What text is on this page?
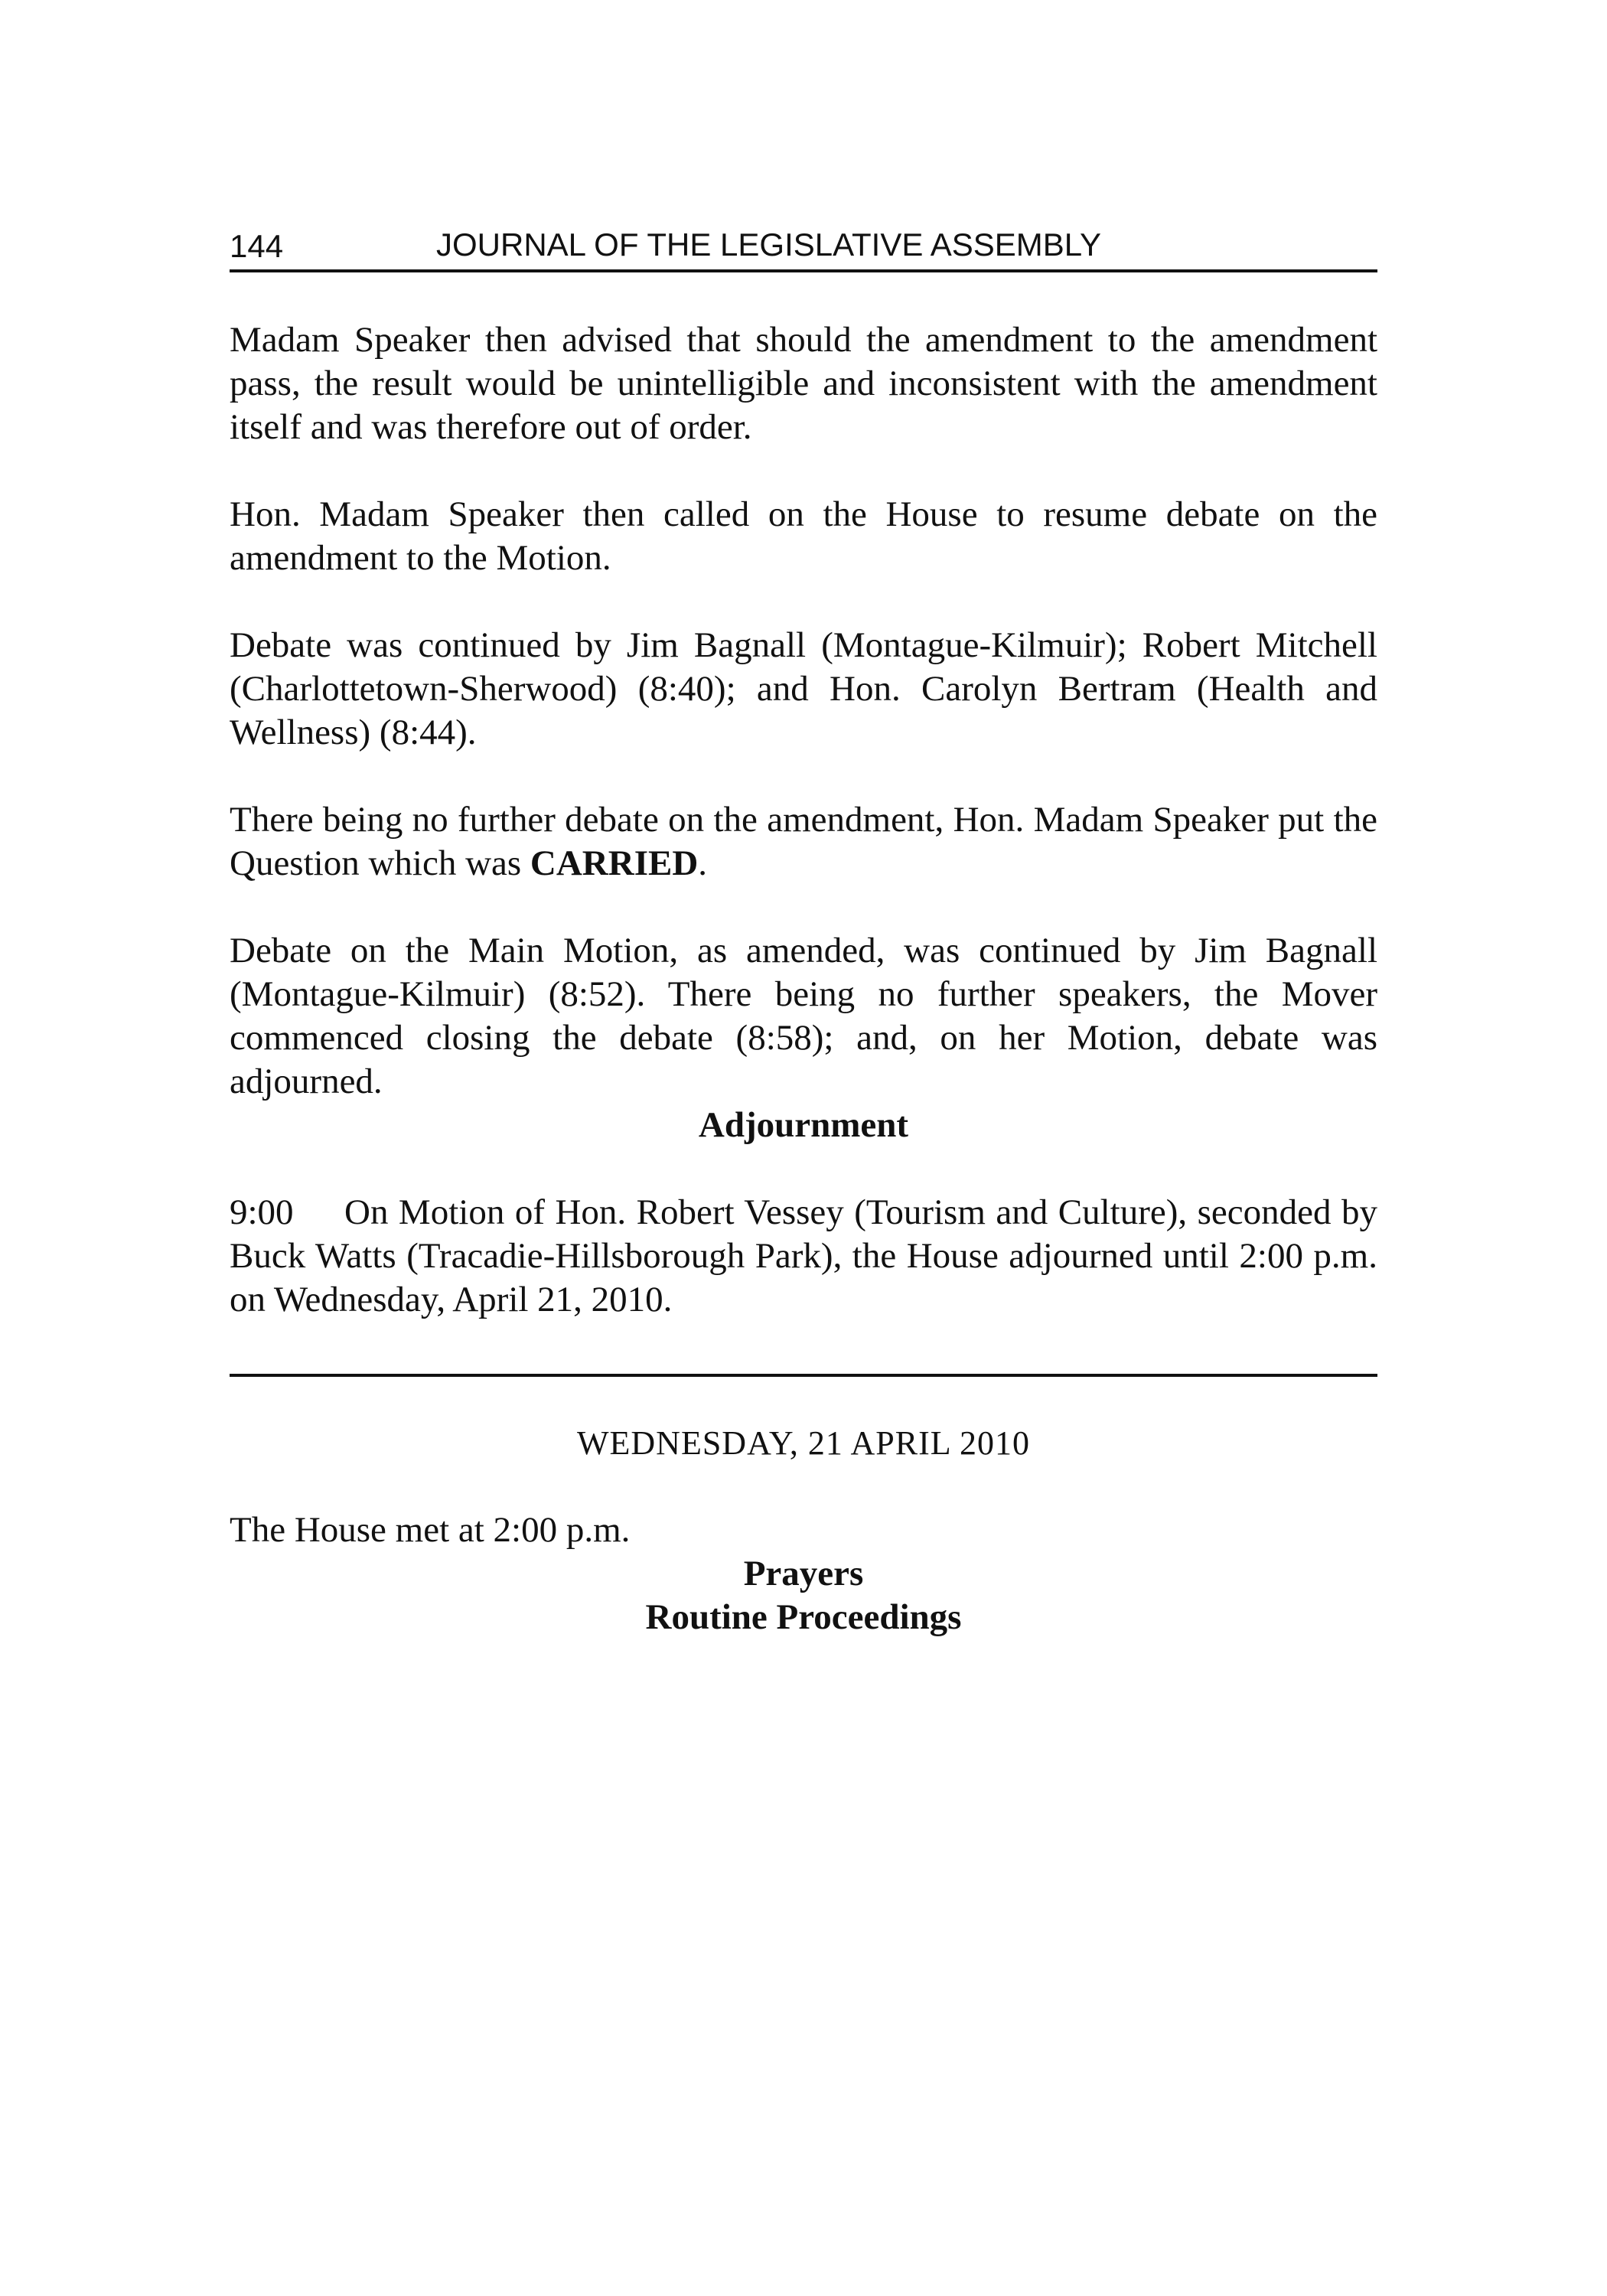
144	JOURNAL OF THE LEGISLATIVE ASSEMBLY

Madam Speaker then advised that should the amendment to the amendment pass, the result would be unintelligible and inconsistent with the amendment itself and was therefore out of order.

Hon. Madam Speaker then called on the House to resume debate on the amendment to the Motion.

Debate was continued by Jim Bagnall (Montague-Kilmuir); Robert Mitchell (Charlottetown-Sherwood) (8:40); and Hon. Carolyn Bertram (Health and Wellness) (8:44).

There being no further debate on the amendment, Hon. Madam Speaker put the Question which was CARRIED.

Debate on the Main Motion, as amended, was continued by Jim Bagnall (Montague-Kilmuir) (8:52). There being no further speakers, the Mover commenced closing the debate (8:58); and, on her Motion, debate was adjourned.

Adjournment

9:00 On Motion of Hon. Robert Vessey (Tourism and Culture), seconded by Buck Watts (Tracadie-Hillsborough Park), the House adjourned until 2:00 p.m. on Wednesday, April 21, 2010.

WEDNESDAY, 21 APRIL 2010

The House met at 2:00 p.m.

Prayers

Routine Proceedings
